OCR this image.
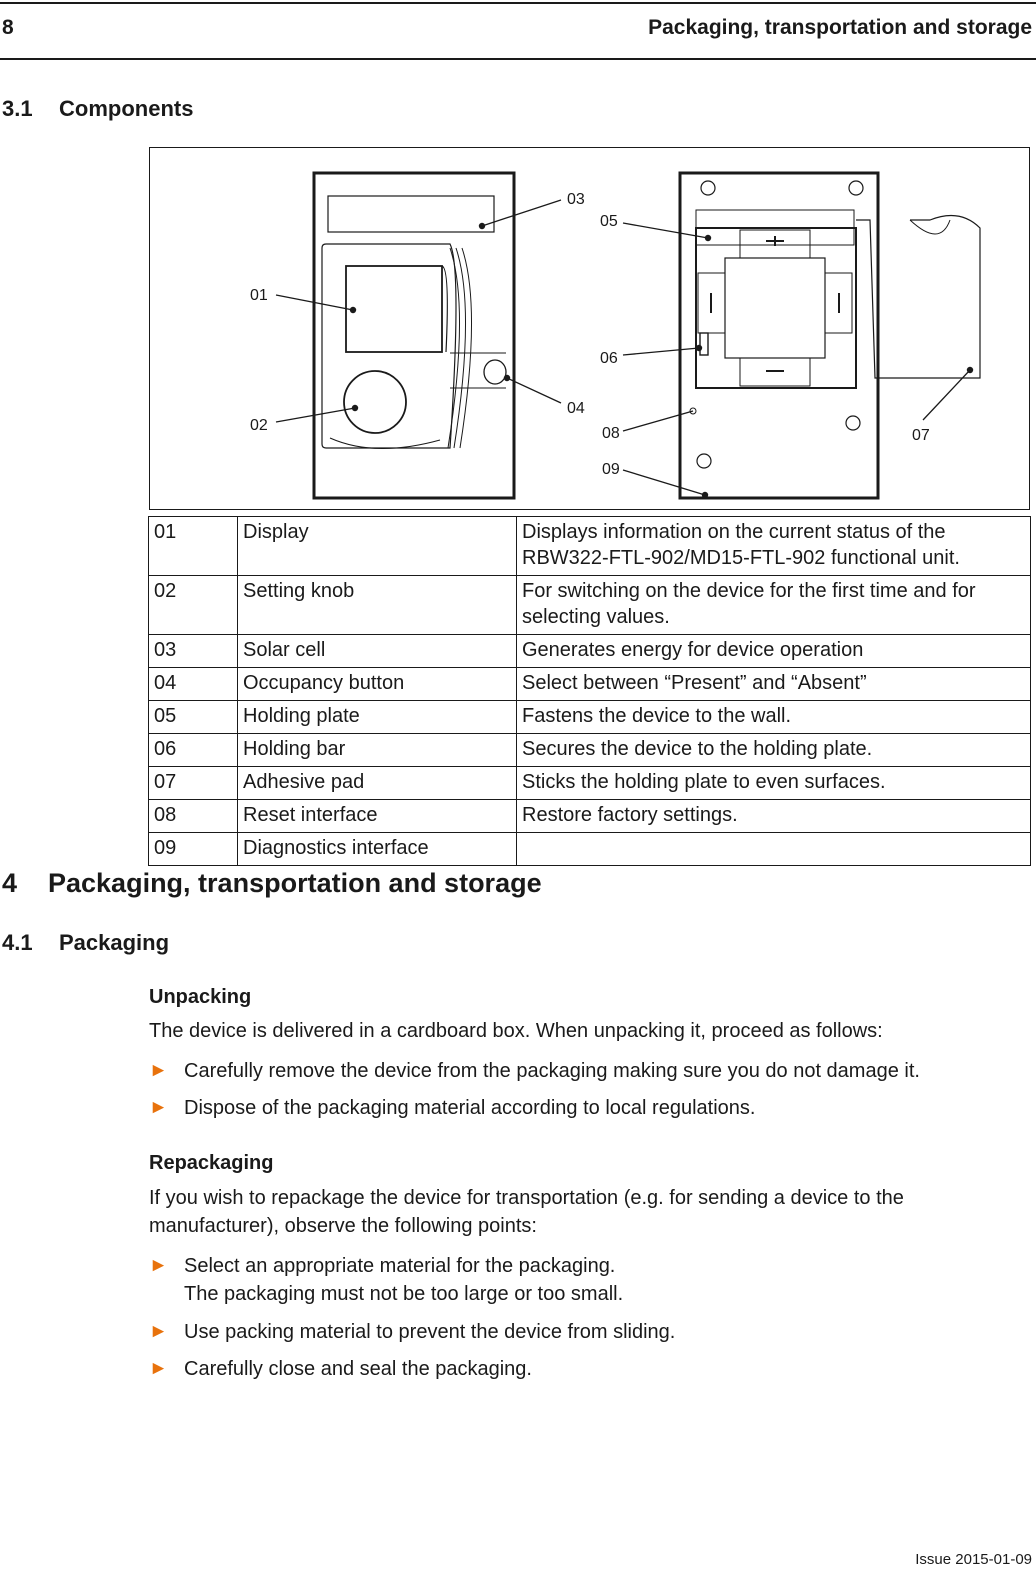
8	Packaging, transportation and storage
3.1 Components
01
02
03
04
05
06
07
08
09
01	Display	Displays information on the current status of the RBW322-FTL-902/MD15-FTL-902 functional unit.
02	Setting knob	For switching on the device for the first time and for selecting values.
03	Solar cell	Generates energy for device operation
04	Occupancy button	Select between “Present” and “Absent”
05	Holding plate	Fastens the device to the wall.
06	Holding bar	Secures the device to the holding plate.
07	Adhesive pad	Sticks the holding plate to even surfaces.
08	Reset interface	Restore factory settings.
09	Diagnostics interface	
4 Packaging, transportation and storage
4.1 Packaging
Unpacking
The device is delivered in a cardboard box. When unpacking it, proceed as follows:
► Carefully remove the device from the packaging making sure you do not damage it.
► Dispose of the packaging material according to local regulations.
Repackaging
If you wish to repackage the device for transportation (e.g. for sending a device to the
manufacturer), observe the following points:
► Select an appropriate material for the packaging.
The packaging must not be too large or too small.
► Use packing material to prevent the device from sliding.
► Carefully close and seal the packaging.
Issue 2015-01-09
